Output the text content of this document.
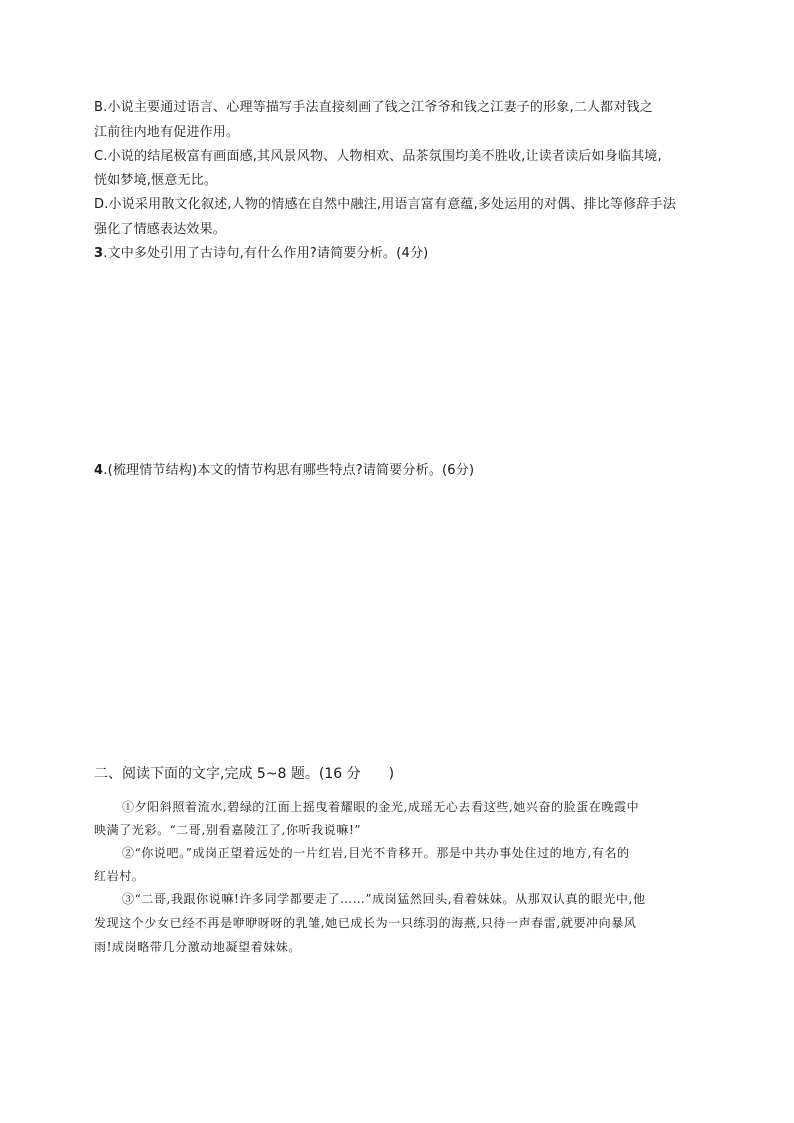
B.小说主要通过语言、心理等描写手法直接刻画了钱之江爷爷和钱之江妻子的形象,二人都对钱之
江前往内地有促进作用。
C.小说的结尾极富有画面感,其风景风物、人物相欢、品茶氛围均美不胜收,让读者读后如身临其境,
恍如梦境,惬意无比。
D.小说采用散文化叙述,人物的情感在自然中融注,用语言富有意蕴,多处运用的对偶、排比等修辞手法
强化了情感表达效果。
3.文中多处引用了古诗句,有什么作用?请简要分析。(4分)
4.(梳理情节结构)本文的情节构思有哪些特点?请简要分析。(6分)
二、阅读下面的文字,完成 5~8 题。(16 分　　)
①夕阳斜照着流水,碧绿的江面上摇曳着耀眼的金光,成瑶无心去看这些,她兴奋的脸蛋在晚霞中
映满了光彩。“二哥,别看嘉陵江了,你听我说嘛!”
②“你说吧。”成岗正望着远处的一片红岩,目光不肯移开。那是中共办事处住过的地方,有名的
红岩村。
③“二哥,我跟你说嘛!许多同学都要走了……”成岗猛然回头,看着妹妹。从那双认真的眼光中,他
发现这个少女已经不再是咿咿呀呀的乳雏,她已成长为一只练羽的海燕,只待一声春雷,就要冲向暴风
雨!成岗略带几分激动地凝望着妹妹。
